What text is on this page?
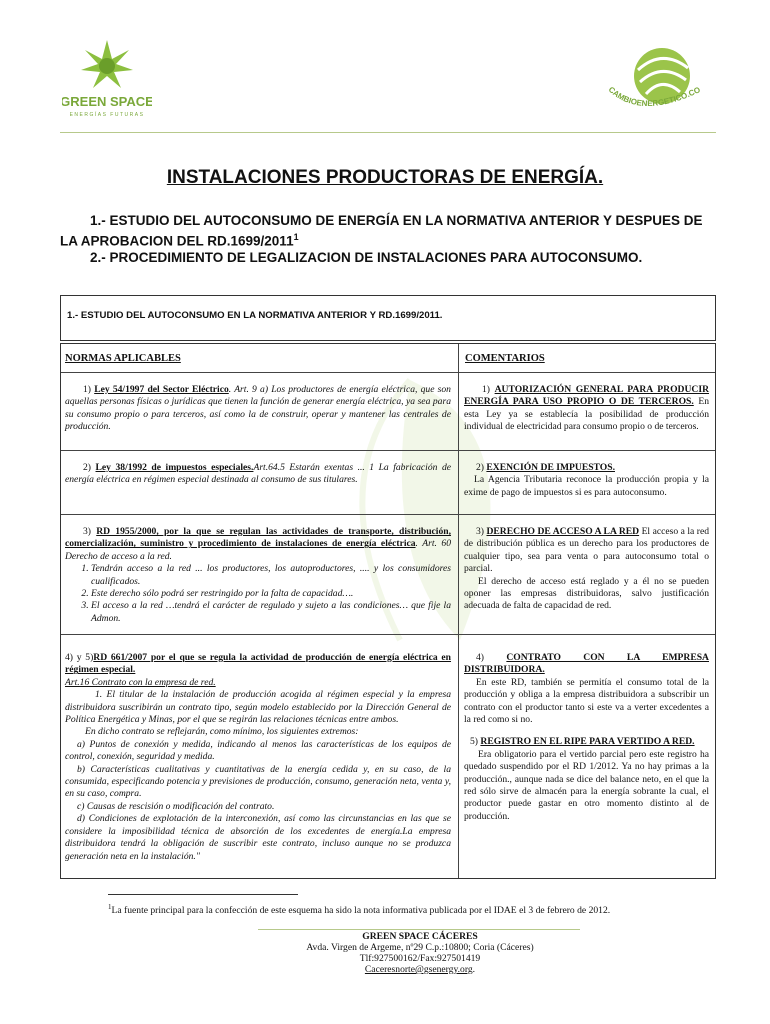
GREEN SPACE
ENERGÍAS FUTURAS
CAMBIOENERGETICO.CO
INSTALACIONES PRODUCTORAS DE ENERGÍA.
1.- ESTUDIO DEL AUTOCONSUMO DE ENERGÍA EN LA NORMATIVA ANTERIOR Y DESPUES DE LA APROBACION DEL RD.1699/2011$^1$
2.- PROCEDIMIENTO DE LEGALIZACION DE INSTALACIONES PARA AUTOCONSUMO.
1.- ESTUDIO DEL AUTOCONSUMO EN LA NORMATIVA ANTERIOR Y RD.1699/2011.
NORMAS APLICABLES	COMENTARIOS
1) Ley 54/1997 del Sector Eléctrico. Art. 9 a) Los productores de energía eléctrica, que son aquellas personas físicas o jurídicas que tienen la función de generar energía eléctrica, ya sea para su consumo propio o para terceros, así como la de construir, operar y mantener las centrales de producción.
1) AUTORIZACIÓN GENERAL PARA PRODUCIR ENERGÍA PARA USO PROPIO O DE TERCEROS. En esta Ley ya se establecía la posibilidad de producción individual de electricidad para consumo propio o de terceros.
2) Ley 38/1992 de impuestos especiales.Art.64.5 Estarán exentas ... 1 La fabricación de energía eléctrica en régimen especial destinada al consumo de sus titulares.
2) EXENCIÓN DE IMPUESTOS.
La Agencia Tributaria reconoce la producción propia y la exime de pago de impuestos si es para autoconsumo.
3) RD 1955/2000, por la que se regulan las actividades de transporte, distribución, comercialización, suministro y procedimiento de instalaciones de energía eléctrica. Art. 60 Derecho de acceso a la red.
1. Tendrán acceso a la red ... los productores, los autoproductores, .... y los consumidores cualificados.
2. Este derecho sólo podrá ser restringido por la falta de capacidad….
3. El acceso a la red …tendrá el carácter de regulado y sujeto a las condiciones… que fije la Admon.
3) DERECHO DE ACCESO A LA RED El acceso a la red de distribución pública es un derecho para los productores de cualquier tipo, sea para venta o para autoconsumo total o parcial.
El derecho de acceso está reglado y a él no se pueden oponer las empresas distribuidoras, salvo justificación adecuada de falta de capacidad de red.
4) y 5)RD 661/2007 por el que se regula la actividad de producción de energía eléctrica en régimen especial.
Art.16 Contrato con la empresa de red.
1. El titular de la instalación de producción acogida al régimen especial y la empresa distribuidora suscribirán un contrato tipo, según modelo establecido por la Dirección General de Política Energética y Minas, por el que se regirán las relaciones técnicas entre ambos.
En dicho contrato se reflejarán, como mínimo, los siguientes extremos:
a) Puntos de conexión y medida, indicando al menos las características de los equipos de control, conexión, seguridad y medida.
b) Características cualitativas y cuantitativas de la energía cedida y, en su caso, de la consumida, especificando potencia y previsiones de producción, consumo, generación neta, venta y, en su caso, compra.
c) Causas de rescisión o modificación del contrato.
d) Condiciones de explotación de la interconexión, así como las circunstancias en las que se considere la imposibilidad técnica de absorción de los excedentes de energía.La empresa distribuidora tendrá la obligación de suscribir este contrato, incluso aunque no se produzca generación neta en la instalación."
4) CONTRATO CON LA EMPRESA DISTRIBUIDORA.
En este RD, también se permitía el consumo total de la producción y obliga a la empresa distribuidora a subscribir un contrato con el productor tanto si este va a verter excedentes a la red como si no.
5) REGISTRO EN EL RIPE PARA VERTIDO A RED.
Era obligatorio para el vertido parcial pero este registro ha quedado suspendido por el RD 1/2012. Ya no hay primas a la producción., aunque nada se dice del balance neto, en el que la red sólo sirve de almacén para la energía sobrante la cual, el productor puede gastar en otro momento distinto al de producción.
$^1$La fuente principal para la confección de este esquema ha sido la nota informativa publicada por el IDAE el 3 de febrero de 2012.
GREEN SPACE CÁCERES
Avda. Virgen de Argeme, nº29 C.p.:10800; Coria (Cáceres)
Tlf:927500162/Fax:927501419
Caceresnorte@gsenergy.org.
